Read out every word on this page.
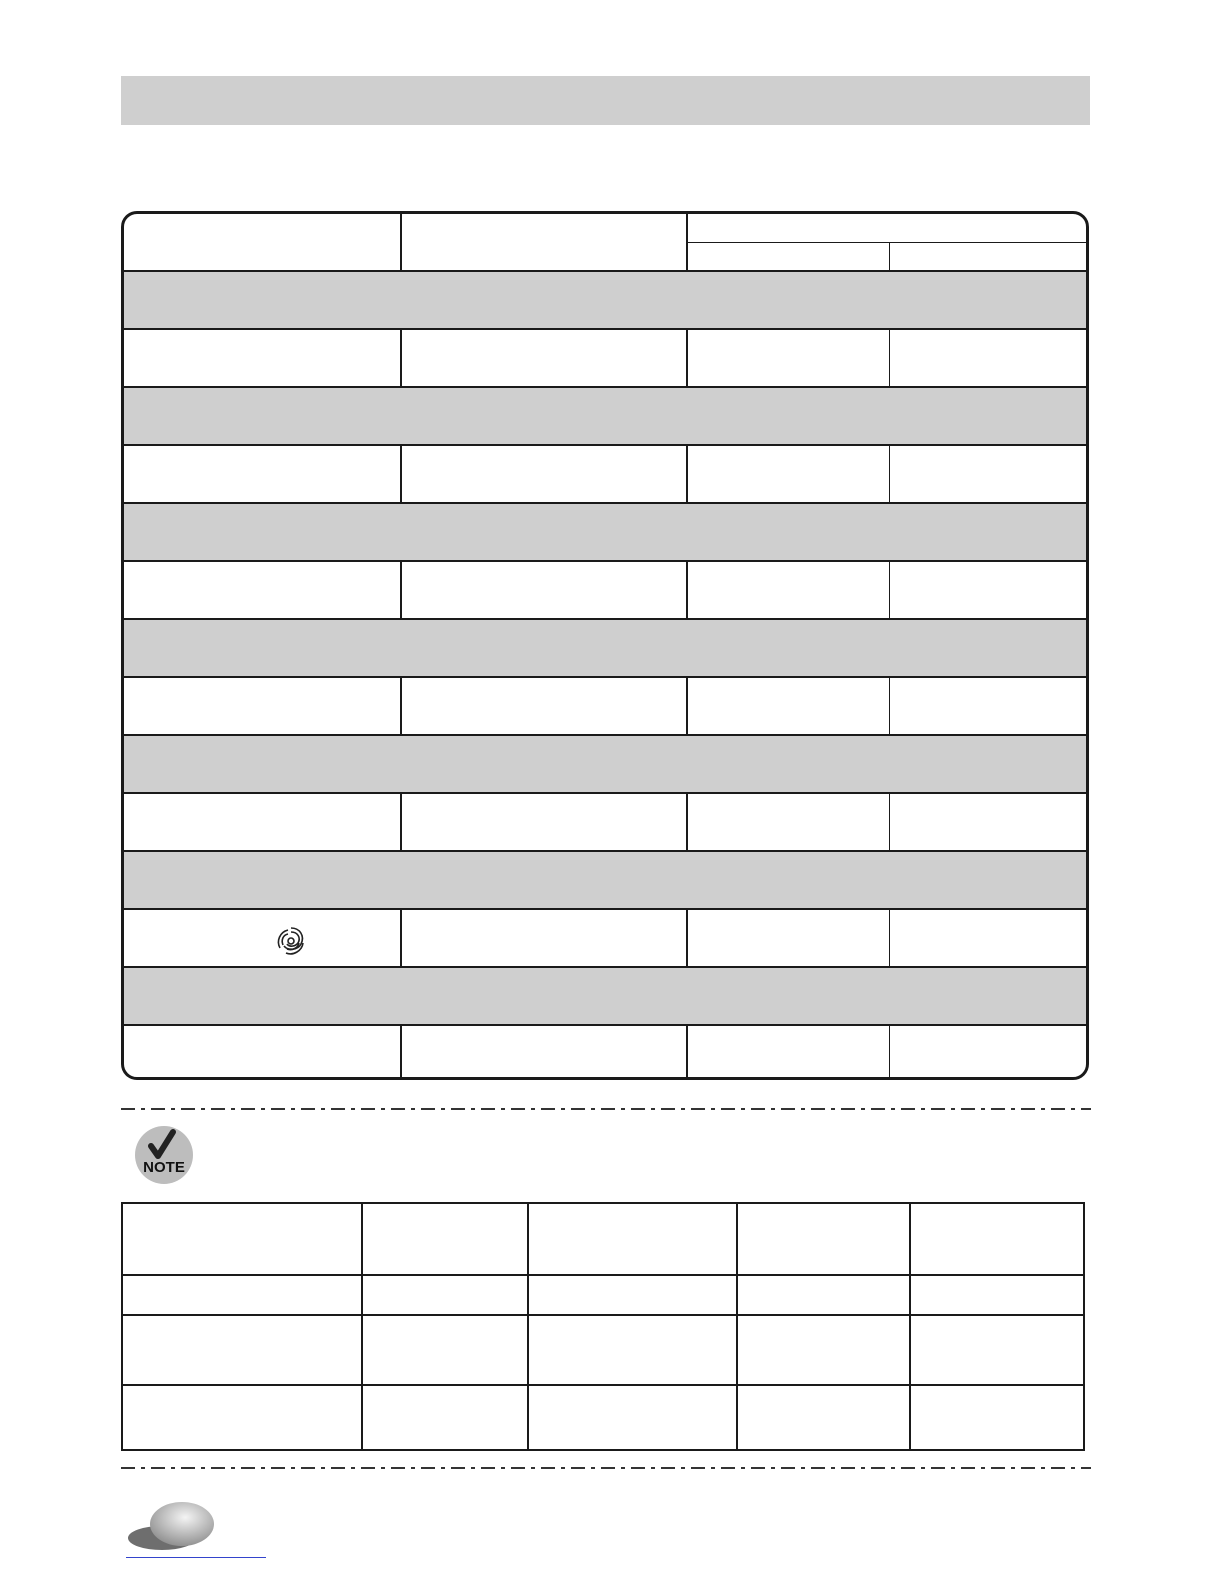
NOTE
